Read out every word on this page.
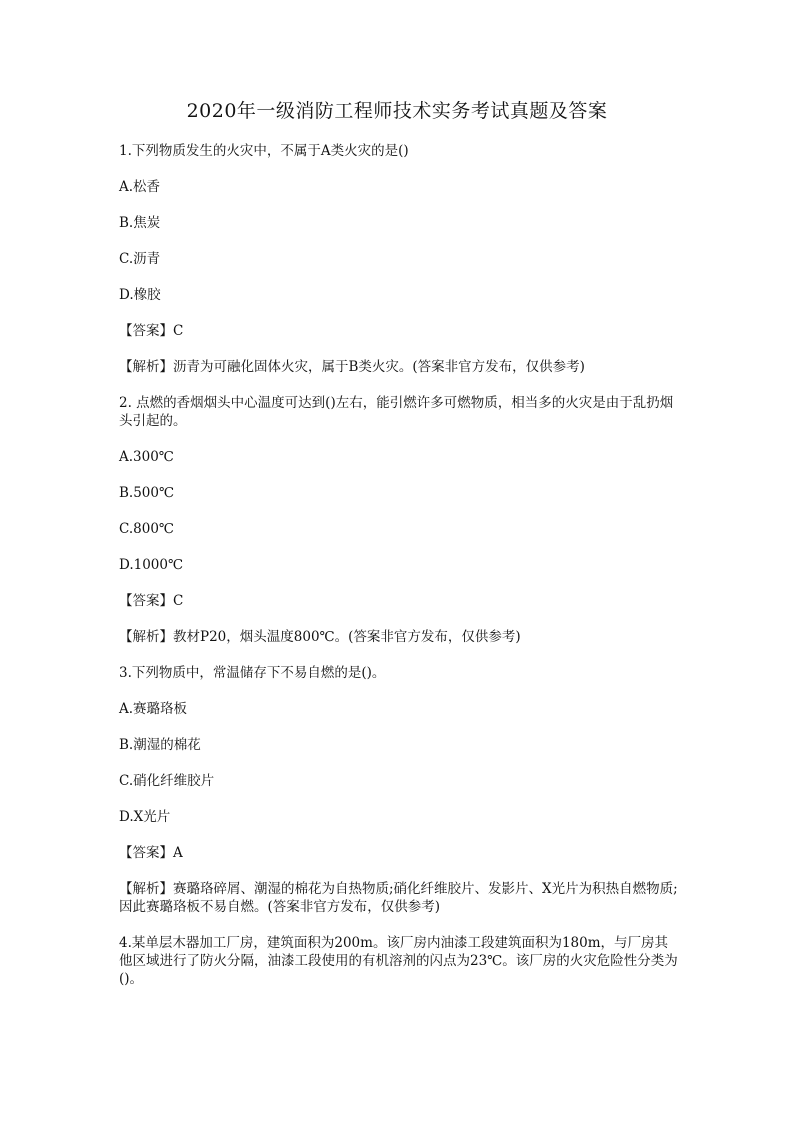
2020年一级消防工程师技术实务考试真题及答案

1.下列物质发生的火灾中，不属于A类火灾的是()

A.松香

B.焦炭

C.沥青

D.橡胶

【答案】C

【解析】沥青为可融化固体火灾，属于B类火灾。(答案非官方发布，仅供参考)

2. 点燃的香烟烟头中心温度可达到()左右，能引燃许多可燃物质，相当多的火灾是由于乱扔烟头引起的。

A.300℃

B.500℃

C.800℃

D.1000℃

【答案】C

【解析】教材P20，烟头温度800℃。(答案非官方发布，仅供参考)

3.下列物质中，常温储存下不易自燃的是()。

A.赛璐珞板

B.潮湿的棉花

C.硝化纤维胶片

D.X光片

【答案】A

【解析】赛璐珞碎屑、潮湿的棉花为自热物质;硝化纤维胶片、发影片、X光片为积热自燃物质;因此赛璐珞板不易自燃。(答案非官方发布，仅供参考)

4.某单层木器加工厂房，建筑面积为200m。该厂房内油漆工段建筑面积为180m，与厂房其他区域进行了防火分隔，油漆工段使用的有机溶剂的闪点为23℃。该厂房的火灾危险性分类为()。
